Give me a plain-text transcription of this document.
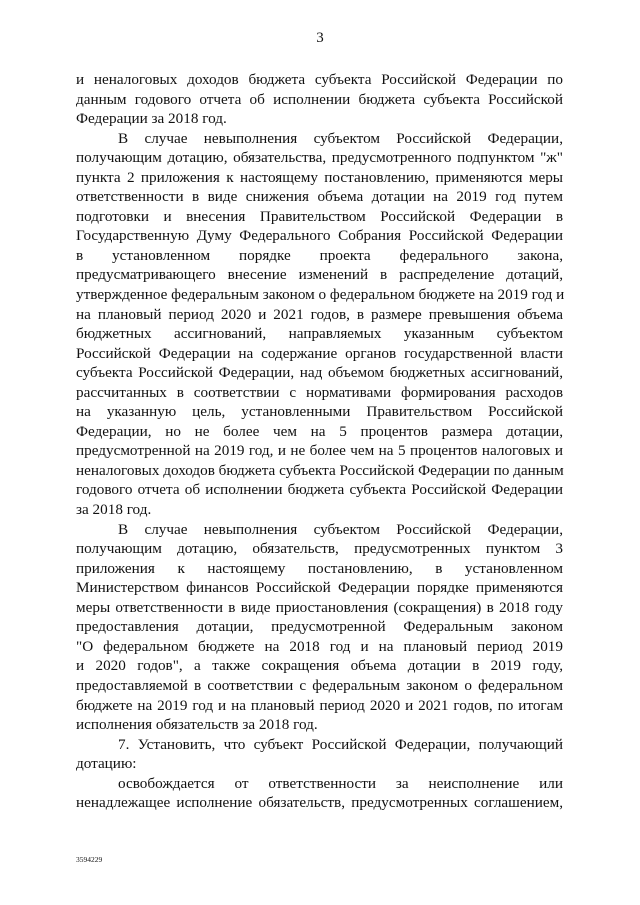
3
и неналоговых доходов бюджета субъекта Российской Федерации по
данным годового отчета об исполнении бюджета субъекта Российской
Федерации за 2018 год.
В случае невыполнения субъектом Российской Федерации,
получающим дотацию, обязательства, предусмотренного подпунктом "ж"
пункта 2 приложения к настоящему постановлению, применяются меры
ответственности в виде снижения объема дотации на 2019 год путем
подготовки и внесения Правительством Российской Федерации в
Государственную Думу Федерального Собрания Российской Федерации
в установленном порядке проекта федерального закона,
предусматривающего внесение изменений в распределение дотаций,
утвержденное федеральным законом о федеральном бюджете на 2019 год и
на плановый период 2020 и 2021 годов, в размере превышения объема
бюджетных ассигнований, направляемых указанным субъектом
Российской Федерации на содержание органов государственной власти
субъекта Российской Федерации, над объемом бюджетных ассигнований,
рассчитанных в соответствии с нормативами формирования расходов
на указанную цель, установленными Правительством Российской
Федерации, но не более чем на 5 процентов размера дотации,
предусмотренной на 2019 год, и не более чем на 5 процентов налоговых и
неналоговых доходов бюджета субъекта Российской Федерации по данным
годового отчета об исполнении бюджета субъекта Российской Федерации
за 2018 год.
В случае невыполнения субъектом Российской Федерации,
получающим дотацию, обязательств, предусмотренных пунктом 3
приложения к настоящему постановлению, в установленном
Министерством финансов Российской Федерации порядке применяются
меры ответственности в виде приостановления (сокращения) в 2018 году
предоставления дотации, предусмотренной Федеральным законом
"О федеральном бюджете на 2018 год и на плановый период 2019
и 2020 годов", а также сокращения объема дотации в 2019 году,
предоставляемой в соответствии с федеральным законом о федеральном
бюджете на 2019 год и на плановый период 2020 и 2021 годов, по итогам
исполнения обязательств за 2018 год.
7. Установить, что субъект Российской Федерации, получающий
дотацию:
освобождается от ответственности за неисполнение или
ненадлежащее исполнение обязательств, предусмотренных соглашением,
3594229
